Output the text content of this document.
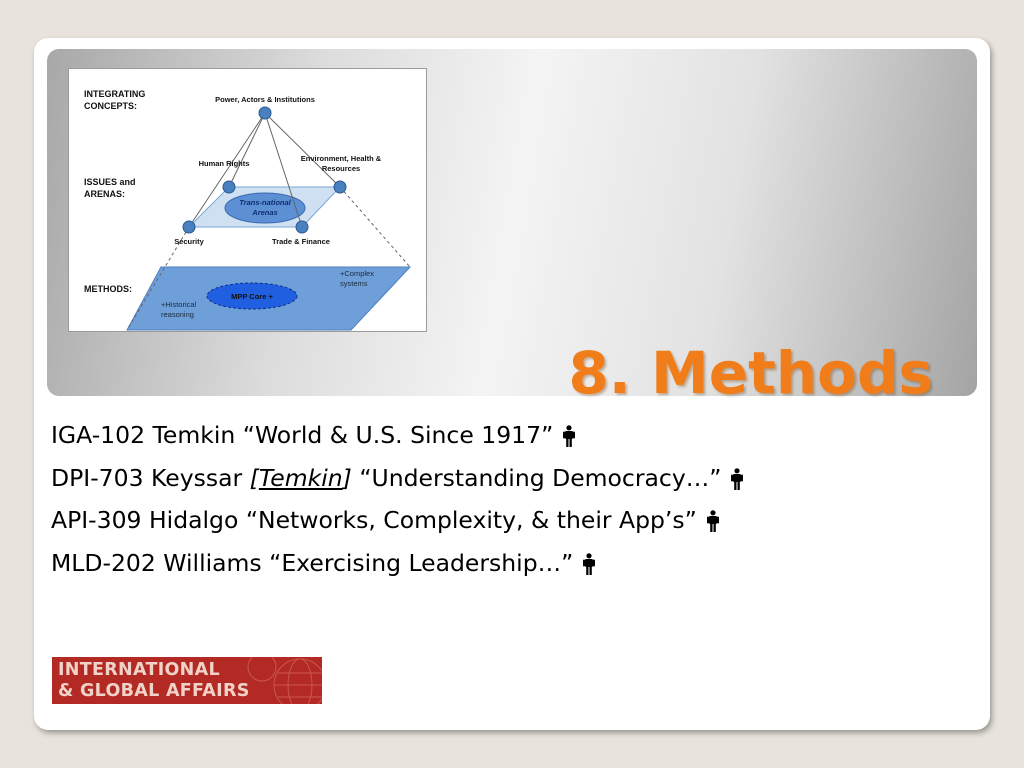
INTEGRATING CONCEPTS:
ISSUES and ARENAS:
METHODS:
Power, Actors & Institutions
Human Rights
Environment, Health & Resources
Security	Trade & Finance
Trans-national Arenas
MPP Core +
+Complex systems
+Historical reasoning
8. Methods
IGA-102 Temkin “World & U.S. Since 1917”
DPI-703 Keyssar [Temkin] “Understanding Democracy…”
API-309 Hidalgo “Networks, Complexity, & their App’s”
MLD-202 Williams “Exercising Leadership…”
INTERNATIONAL
& GLOBAL AFFAIRS
